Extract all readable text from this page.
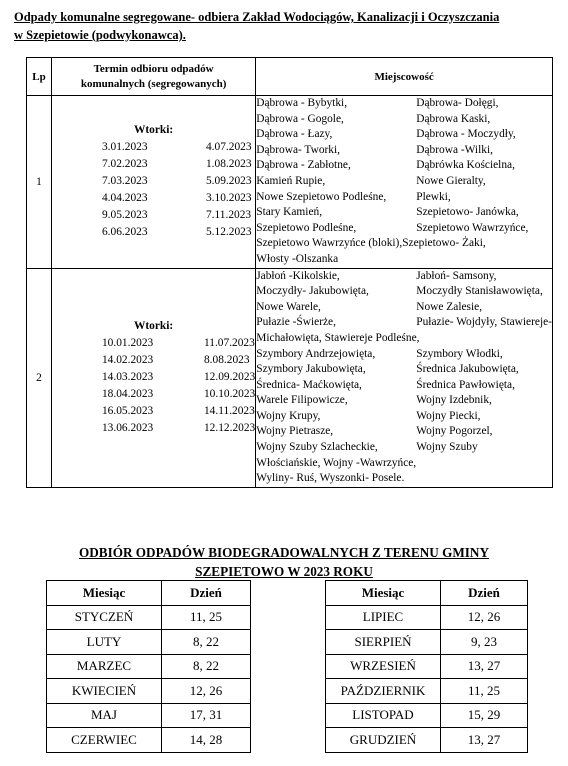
Odpady komunalne segregowane- odbiera Zakład Wodociągów, Kanalizacji i Oczyszczania
w Szepietowie (podwykonawca).
Lp	
Termin odbioru odpadów
komunalnych (segregowanych)
	Miejscowość
1	
Wtorki:
3.01.2023	4.07.2023
7.02.2023	1.08.2023
7.03.2023	5.09.2023
4.04.2023	3.10.2023
9.05.2023	7.11.2023
6.06.2023	5.12.2023

Dąbrowa - Bybytki,	Dąbrowa- Dołęgi,
Dąbrowa - Gogole,	Dąbrowa Kaski,
Dąbrowa - Łazy,	Dąbrowa - Moczydły,
Dąbrowa- Tworki,	Dąbrowa -Wilki,
Dąbrowa - Zabłotne,	Dąbrówka Kościelna,
Kamień Rupie,	Nowe Gieralty,
Nowe Szepietowo Podleśne,	Plewki,
Stary Kamień,	Szepietowo- Janówka,
Szepietowo Podleśne,	Szepietowo Wawrzyńce,
Szepietowo Wawrzyńce (bloki),Szepietowo- Żaki,
Włosty -Olszanka

2	
Wtorki:
10.01.2023	11.07.2023
14.02.2023	8.08.2023
14.03.2023	12.09.2023
18.04.2023	10.10.2023
16.05.2023	14.11.2023
13.06.2023	12.12.2023

Jabłoń -Kikolskie,	Jabłoń- Samsony,
Moczydły- Jakubowięta,	Moczydły Stanisławowięta,
Nowe Warele,	Nowe Zalesie,
Pułazie -Świerże,	Pułazie- Wojdyły, Stawiereje-
Michałowięta, Stawiereje Podleśne,
Szymbory Andrzejowięta,	Szymbory Włodki,
Szymbory Jakubowięta,	Średnica Jakubowięta,
Średnica- Maćkowięta,	Średnica Pawłowięta,
Warele Filipowicze,	Wojny Izdebnik,
Wojny Krupy,	Wojny Piecki,
Wojny Pietrasze,	Wojny Pogorzel,
Wojny Szuby Szlacheckie,	Wojny Szuby
Włościańskie, Wojny -Wawrzyńce,
Wyliny- Ruś, Wyszonki- Posele.
ODBIÓR ODPADÓW BIODEGRADOWALNYCH Z TERENU GMINY
SZEPIETOWO W 2023 ROKU
Miesiąc	Dzień
STYCZEŃ	11, 25
LUTY	8, 22
MARZEC	8, 22
KWIECIEŃ	12, 26
MAJ	17, 31
CZERWIEC	14, 28
Miesiąc	Dzień
LIPIEC	12, 26
SIERPIEŃ	9, 23
WRZESIEŃ	13, 27
PAŹDZIERNIK	11, 25
LISTOPAD	15, 29
GRUDZIEŃ	13, 27
